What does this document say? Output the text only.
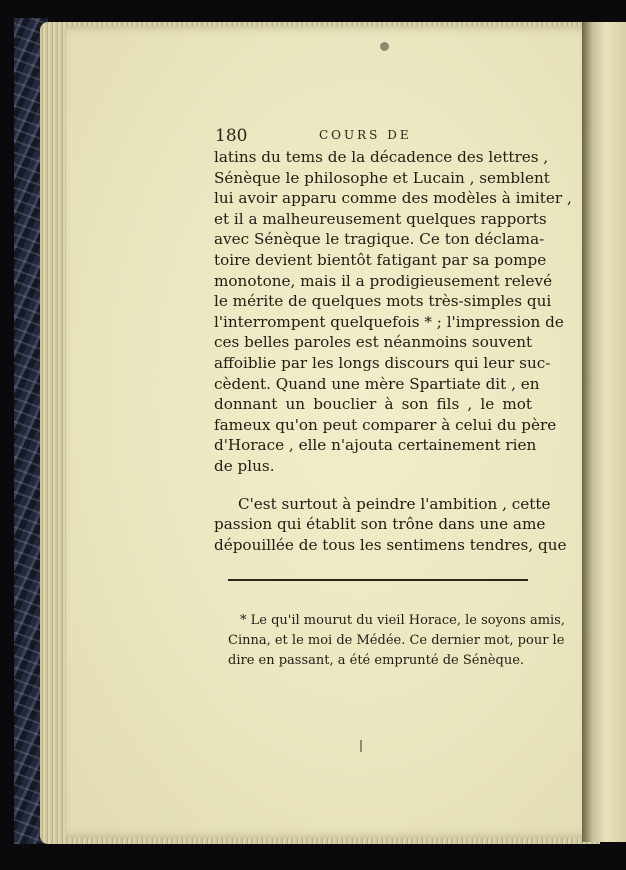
180	COURS DE
latins du tems de la décadence des lettres ,
Sénèque le philosophe et Lucain , semblent
lui avoir apparu comme des modèles à imiter ,
et il a malheureusement quelques rapports
avec Sénèque le tragique. Ce ton déclama-
toire devient bientôt fatigant par sa pompe
monotone, mais il a prodigieusement relevé
le mérite de quelques mots très-simples qui
l'interrompent quelquefois * ; l'impression de
ces belles paroles est néanmoins souvent
affoiblie par les longs discours qui leur suc-
cèdent. Quand une mère Spartiate dit , en
donnant un bouclier à son fils , le mot
fameux qu'on peut comparer à celui du père
d'Horace , elle n'ajouta certainement rien
de plus.
C'est surtout à peindre l'ambition , cette
passion qui établit son trône dans une ame
dépouillée de tous les sentimens tendres, que
* Le qu'il mourut du vieil Horace, le soyons amis,
Cinna, et le moi de Médée. Ce dernier mot, pour le
dire en passant, a été emprunté de Sénèque.
